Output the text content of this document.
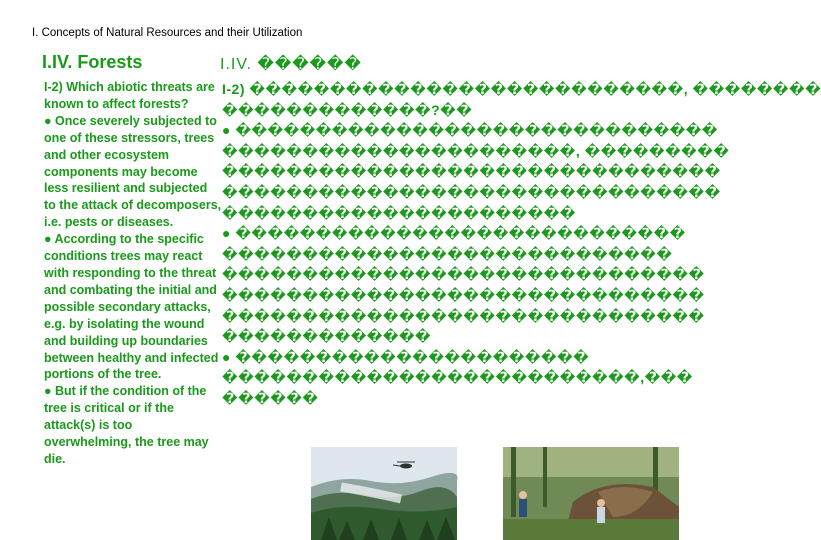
I. Concepts of Natural Resources and their Utilization
I.IV. Forests	I.IV. ������

I-2) Which abiotic threats are known to affect forests?

● Once severely subjected to one of these stressors, trees and other ecosystem components may become less resilient and subjected to the attack of decomposers, i.e. pests or diseases.

● According to the specific conditions trees may react with responding to the threat and combating the initial and possible secondary attacks, e.g. by isolating the wound and building up boundaries between healthy and infected portions of the tree.

● But if the condition of the tree is critical or if the attack(s) is too overwhelming, the tree may die.

I-2) ���������������������������, ��������
�������������?��
● ������������������������������
����������������������, ���������
�������������������������������
�������������������������������
����������������������
● ����������������������������
����������������������������
������������������������������
������������������������������
������������������������������
�������������
● ����������������������
��������������������������,���
������
